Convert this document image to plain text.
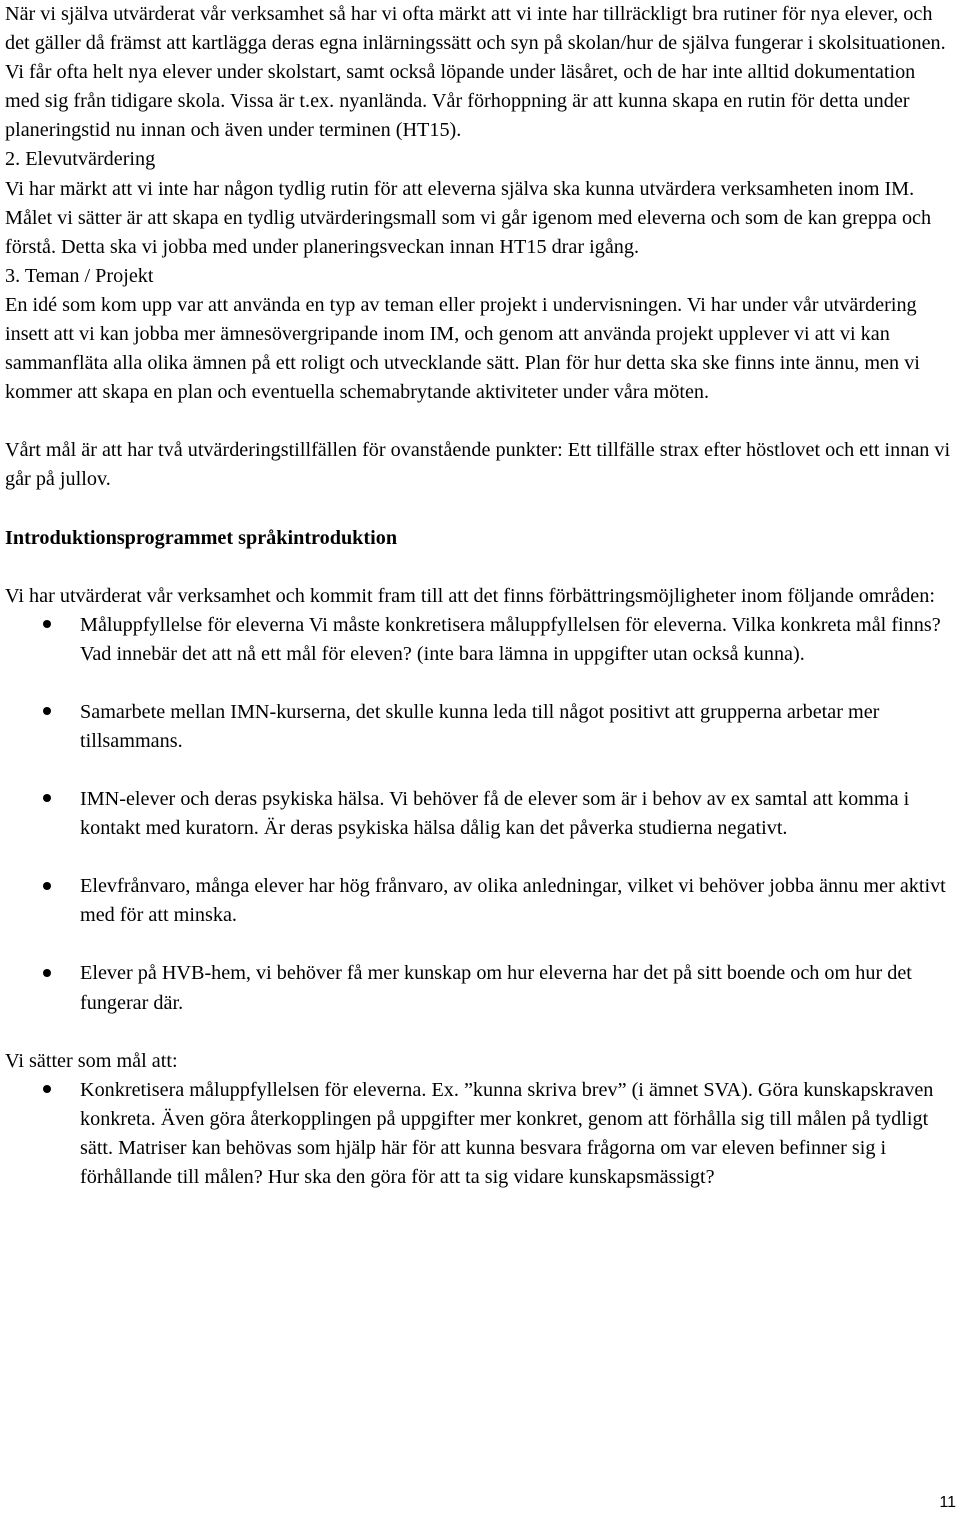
När vi själva utvärderat vår verksamhet så har vi ofta märkt att vi inte har tillräckligt bra rutiner för nya elever, och det gäller då främst att kartlägga deras egna inlärningssätt och syn på skolan/hur de själva fungerar i skolsituationen. Vi får ofta helt nya elever under skolstart, samt också löpande under läsåret, och de har inte alltid dokumentation med sig från tidigare skola. Vissa är t.ex. nyanlända. Vår förhoppning är att kunna skapa en rutin för detta under planeringstid nu innan och även under terminen (HT15).

2. Elevutvärdering

Vi har märkt att vi inte har någon tydlig rutin för att eleverna själva ska kunna utvärdera verksamheten inom IM. Målet vi sätter är att skapa en tydlig utvärderingsmall som vi går igenom med eleverna och som de kan greppa och förstå. Detta ska vi jobba med under planeringsveckan innan HT15 drar igång.

3. Teman / Projekt

En idé som kom upp var att använda en typ av teman eller projekt i undervisningen. Vi har under vår utvärdering insett att vi kan jobba mer ämnesövergripande inom IM, och genom att använda projekt upplever vi att vi kan sammanfläta alla olika ämnen på ett roligt och utvecklande sätt. Plan för hur detta ska ske finns inte ännu, men vi kommer att skapa en plan och eventuella schemabrytande aktiviteter under våra möten.

Vårt mål är att har två utvärderingstillfällen för ovanstående punkter: Ett tillfälle strax efter höstlovet och ett innan vi går på jullov.

Introduktionsprogrammet språkintroduktion

Vi har utvärderat vår verksamhet och kommit fram till att det finns förbättringsmöjligheter inom följande områden:

Måluppfyllelse för eleverna Vi måste konkretisera måluppfyllelsen för eleverna. Vilka konkreta mål finns? Vad innebär det att nå ett mål för eleven? (inte bara lämna in uppgifter utan också kunna).
Samarbete mellan IMN-kurserna, det skulle kunna leda till något positivt att grupperna arbetar mer tillsammans.
IMN-elever och deras psykiska hälsa. Vi behöver få de elever som är i behov av ex samtal att komma i kontakt med kuratorn. Är deras psykiska hälsa dålig kan det påverka studierna negativt.
Elevfrånvaro, många elever har hög frånvaro, av olika anledningar, vilket vi behöver jobba ännu mer aktivt med för att minska.
Elever på HVB-hem, vi behöver få mer kunskap om hur eleverna har det på sitt boende och om hur det fungerar där.

Vi sätter som mål att:

Konkretisera måluppfyllelsen för eleverna. Ex. ”kunna skriva brev” (i ämnet SVA). Göra kunskapskraven konkreta. Även göra återkopplingen på uppgifter mer konkret, genom att förhålla sig till målen på tydligt sätt. Matriser kan behövas som hjälp här för att kunna besvara frågorna om var eleven befinner sig i förhållande till målen? Hur ska den göra för att ta sig vidare kunskapsmässigt?
11
